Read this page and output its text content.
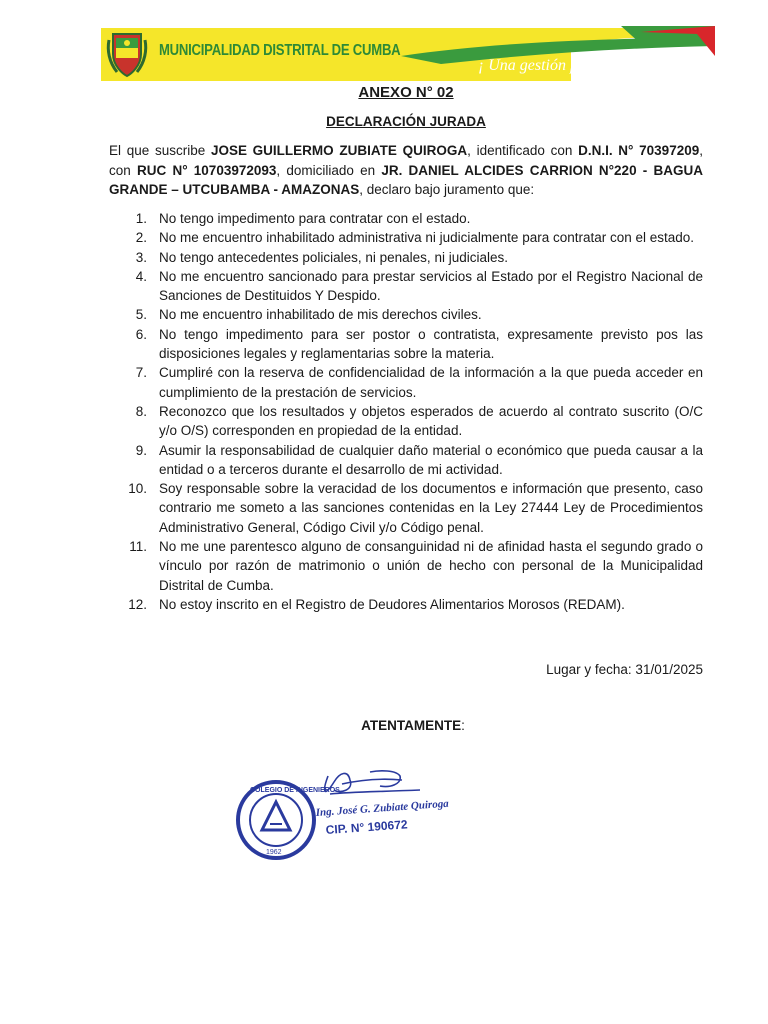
MUNICIPALIDAD DISTRITAL DE CUMBA
¡ Una gestión para todos !
ANEXO N° 02
DECLARACIÓN JURADA

El que suscribe JOSE GUILLERMO ZUBIATE QUIROGA, identificado con D.N.I. N° 70397209, con RUC N° 10703972093, domiciliado en JR. DANIEL ALCIDES CARRION N°220 - BAGUA GRANDE – UTCUBAMBA - AMAZONAS, declaro bajo juramento que:

1. No tengo impedimento para contratar con el estado.
2. No me encuentro inhabilitado administrativa ni judicialmente para contratar con el estado.
3. No tengo antecedentes policiales, ni penales, ni judiciales.
4. No me encuentro sancionado para prestar servicios al Estado por el Registro Nacional de Sanciones de Destituidos Y Despido.
5. No me encuentro inhabilitado de mis derechos civiles.
6. No tengo impedimento para ser postor o contratista, expresamente previsto pos las disposiciones legales y reglamentarias sobre la materia.
7. Cumpliré con la reserva de confidencialidad de la información a la que pueda acceder en cumplimiento de la prestación de servicios.
8. Reconozco que los resultados y objetos esperados de acuerdo al contrato suscrito (O/C y/o O/S) corresponden en propiedad de la entidad.
9. Asumir la responsabilidad de cualquier daño material o económico que pueda causar a la entidad o a terceros durante el desarrollo de mi actividad.
10. Soy responsable sobre la veracidad de los documentos e información que presento, caso contrario me someto a las sanciones contenidas en la Ley 27444 Ley de Procedimientos Administrativo General, Código Civil y/o Código penal.
11. No me une parentesco alguno de consanguinidad ni de afinidad hasta el segundo grado o vínculo por razón de matrimonio o unión de hecho con personal de la Municipalidad Distrital de Cumba.
12. No estoy inscrito en el Registro de Deudores Alimentarios Morosos (REDAM).
Lugar y fecha: 31/01/2025
ATENTAMENTE:
COLEGIO DE INGENIEROS
1962
Ing. José G. Zubiate Quiroga
CIP. N° 190672
